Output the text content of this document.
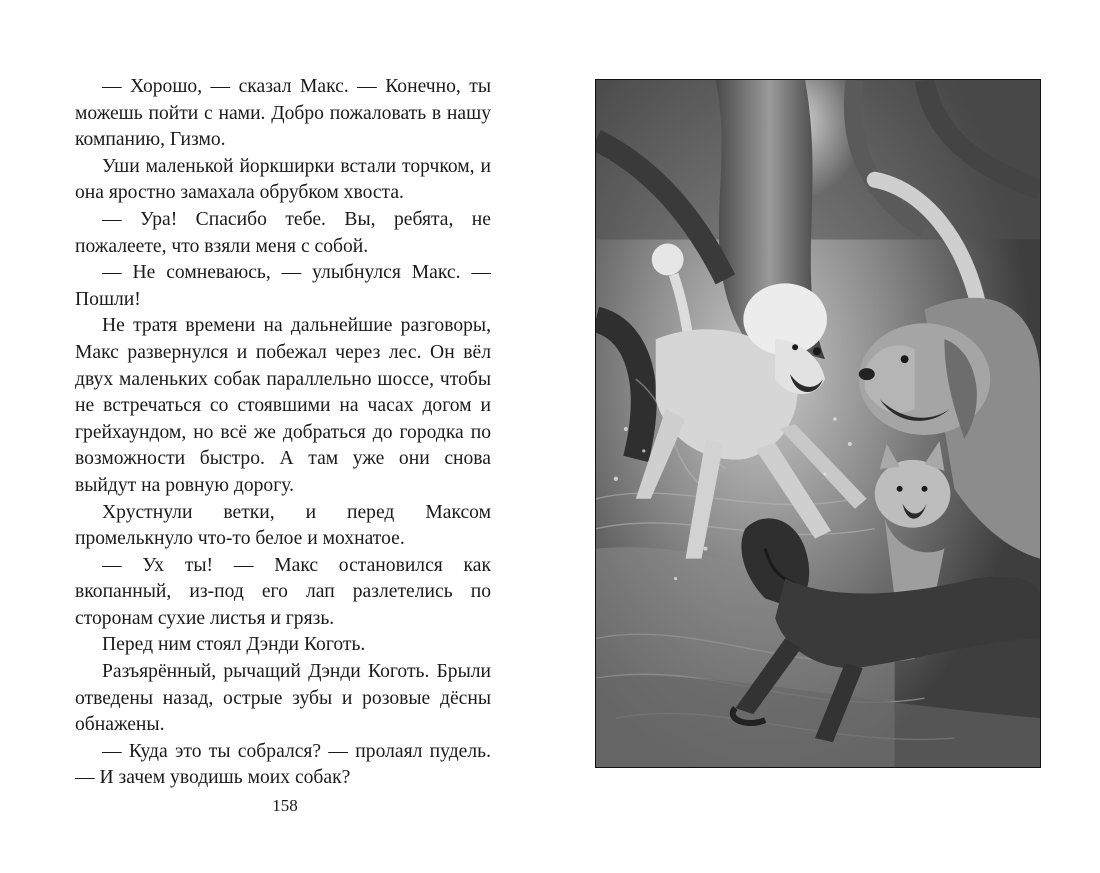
— Хорошо, — сказал Макс. — Конечно, ты можешь пойти с нами. Добро пожаловать в нашу компанию, Гизмо.

Уши маленькой йоркширки встали торчком, и она яростно замахала обрубком хвоста.

— Ура! Спасибо тебе. Вы, ребята, не пожалеете, что взяли меня с собой.

— Не сомневаюсь, — улыбнулся Макс. — Пошли!

Не тратя времени на дальнейшие разговоры, Макс развернулся и побежал через лес. Он вёл двух маленьких собак параллельно шоссе, чтобы не встречаться со стоявшими на часах догом и грейхаундом, но всё же добраться до городка по возможности быстро. А там уже они снова выйдут на ровную дорогу.

Хрустнули ветки, и перед Максом промелькнуло что-то белое и мохнатое.

— Ух ты! — Макс остановился как вкопанный, из-под его лап разлетелись по сторонам сухие листья и грязь.

Перед ним стоял Дэнди Коготь.

Разъярённый, рычащий Дэнди Коготь. Брыли отведены назад, острые зубы и розовые дёсны обнажены.

— Куда это ты собрался? — пролаял пудель. — И зачем уводишь моих собак?

158
